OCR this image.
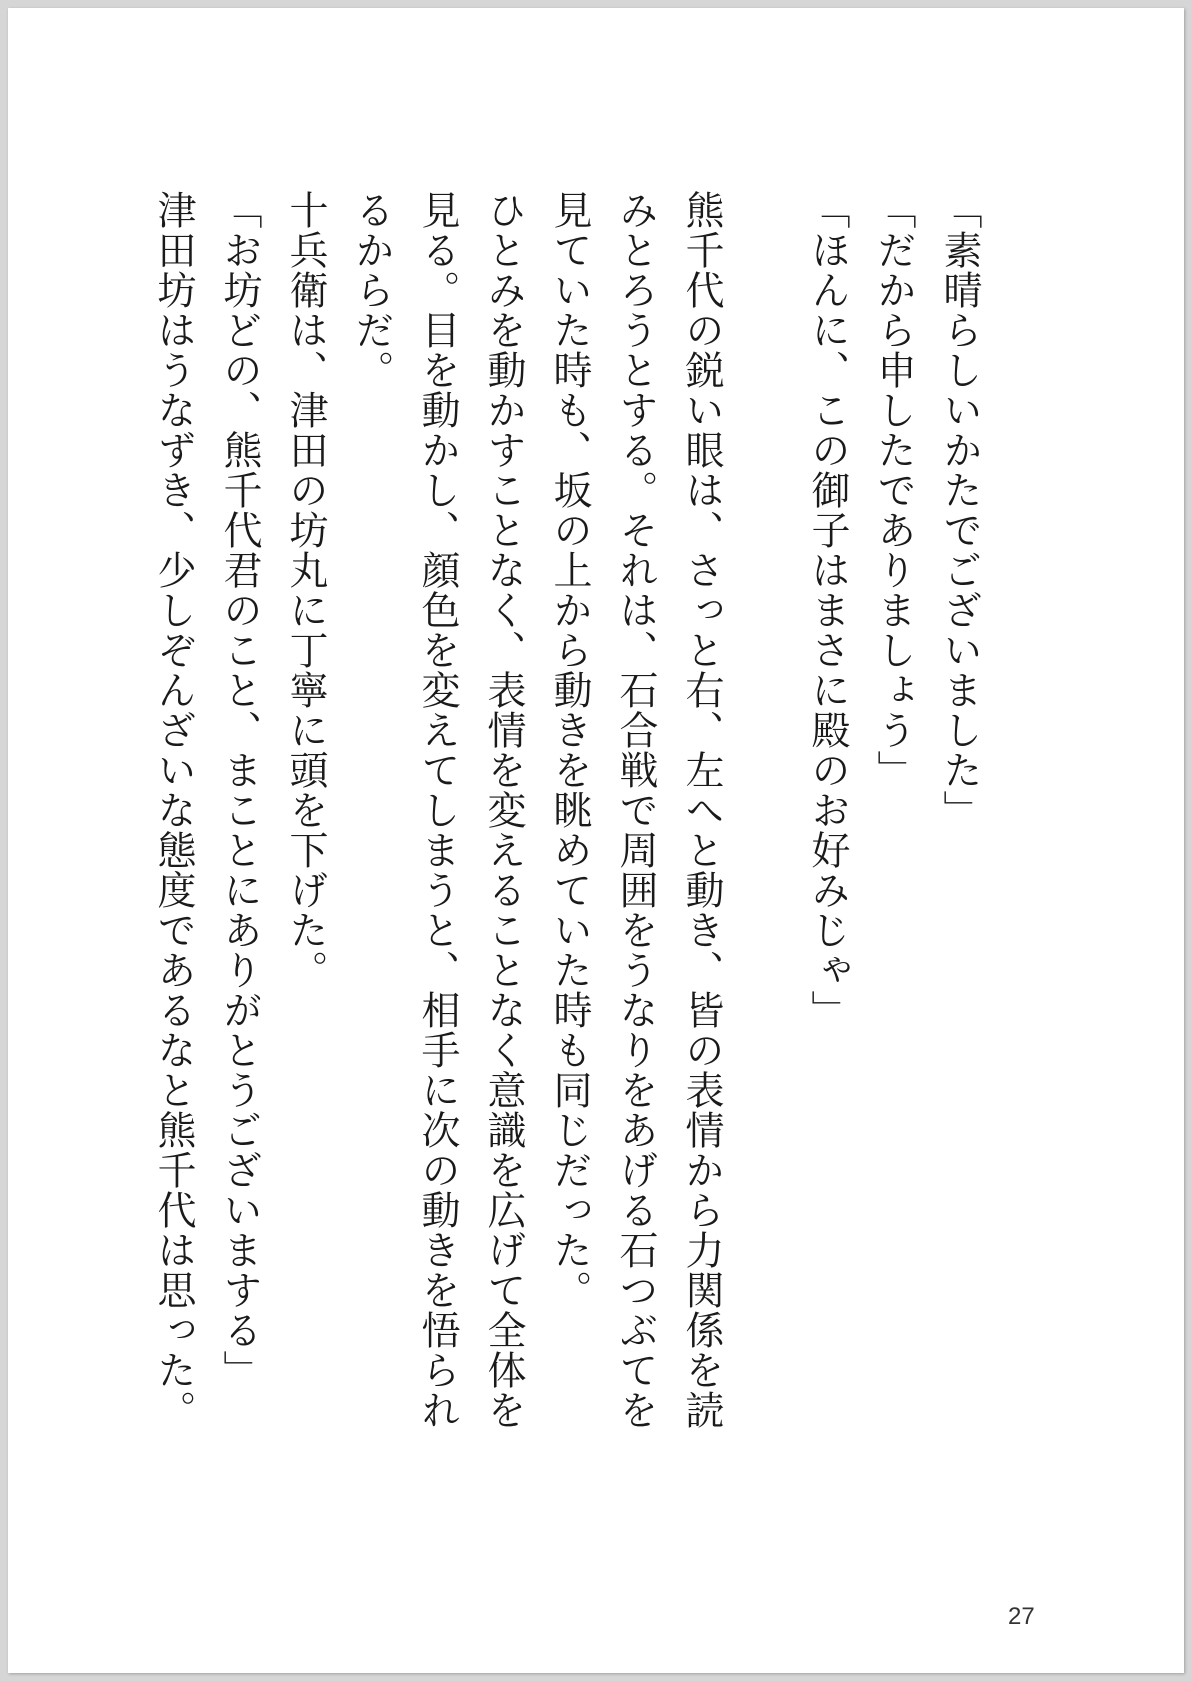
「素晴らしいかたでございました」
「だから申したでありましょう」
「ほんに、この御子はまさに殿のお好みじゃ」
熊千代の鋭い眼は、さっと右、左へと動き、皆の表情から力関係を読みとろうとする。それは、石合戦で周囲をうなりをあげる石つぶてを見ていた時も、坂の上から動きを眺めていた時も同じだった。
ひとみを動かすことなく、表情を変えることなく意識を広げて全体を見る。目を動かし、顔色を変えてしまうと、相手に次の動きを悟られるからだ。
十兵衛は、津田の坊丸に丁寧に頭を下げた。
「お坊どの、熊千代君のこと、まことにありがとうございまする」
津田坊はうなずき、少しぞんざいな態度であるなと熊千代は思った。
27
